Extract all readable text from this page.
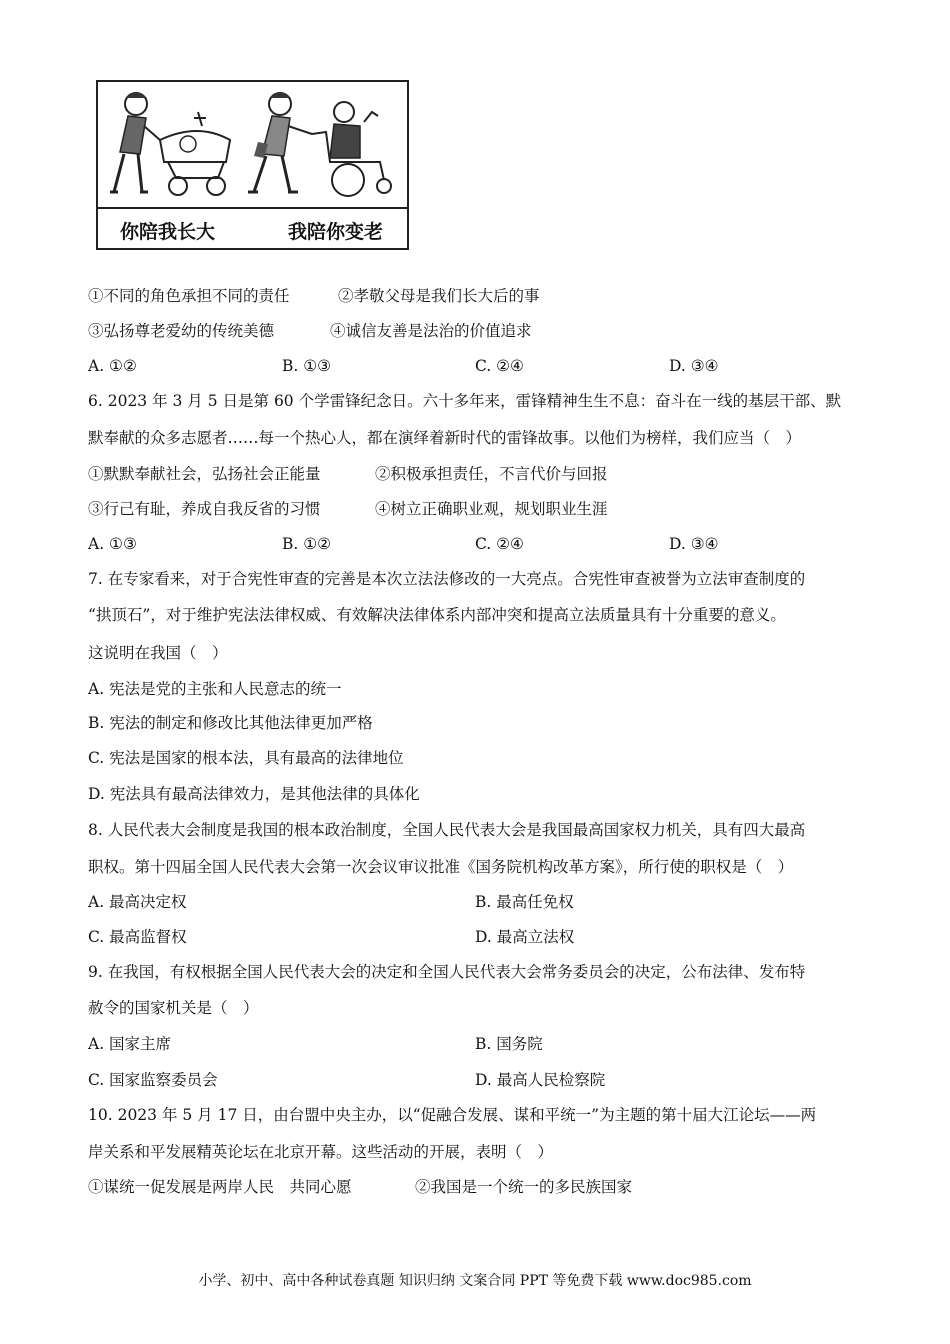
你陪我长大	我陪你变老
①不同的角色承担不同的责任	②孝敬父母是我们长大后的事
③弘扬尊老爱幼的传统美德	④诚信友善是法治的价值追求
A. ①②	B. ①③	C. ②④	D. ③④
6. 2023 年 3 月 5 日是第 60 个学雷锋纪念日。六十多年来，雷锋精神生生不息：奋斗在一线的基层干部、默
默奉献的众多志愿者……每一个热心人，都在演绎着新时代的雷锋故事。以他们为榜样，我们应当（　）
①默默奉献社会，弘扬社会正能量	②积极承担责任，不言代价与回报
③行己有耻，养成自我反省的习惯	④树立正确职业观，规划职业生涯
A. ①③	B. ①②	C. ②④	D. ③④
7. 在专家看来，对于合宪性审查的完善是本次立法法修改的一大亮点。合宪性审查被誉为立法审查制度的
“拱顶石”，对于维护宪法法律权威、有效解决法律体系内部冲突和提高立法质量具有十分重要的意义。
这说明在我国（　）
A. 宪法是党的主张和人民意志的统一
B. 宪法的制定和修改比其他法律更加严格
C. 宪法是国家的根本法，具有最高的法律地位
D. 宪法具有最高法律效力，是其他法律的具体化
8. 人民代表大会制度是我国的根本政治制度，全国人民代表大会是我国最高国家权力机关，具有四大最高
职权。第十四届全国人民代表大会第一次会议审议批准《国务院机构改革方案》，所行使的职权是（　）
A. 最高决定权	B. 最高任免权
C. 最高监督权	D. 最高立法权
9. 在我国，有权根据全国人民代表大会的决定和全国人民代表大会常务委员会的决定，公布法律、发布特
赦令的国家机关是（　）
A. 国家主席	B. 国务院
C. 国家监察委员会	D. 最高人民检察院
10. 2023 年 5 月 17 日，由台盟中央主办，以“促融合发展、谋和平统一”为主题的第十届大江论坛——两
岸关系和平发展精英论坛在北京开幕。这些活动的开展，表明（　）
①谋统一促发展是两岸人民　共同心愿	②我国是一个统一的多民族国家
小学、初中、高中各种试卷真题 知识归纳 文案合同 PPT 等免费下载 www.doc985.com
